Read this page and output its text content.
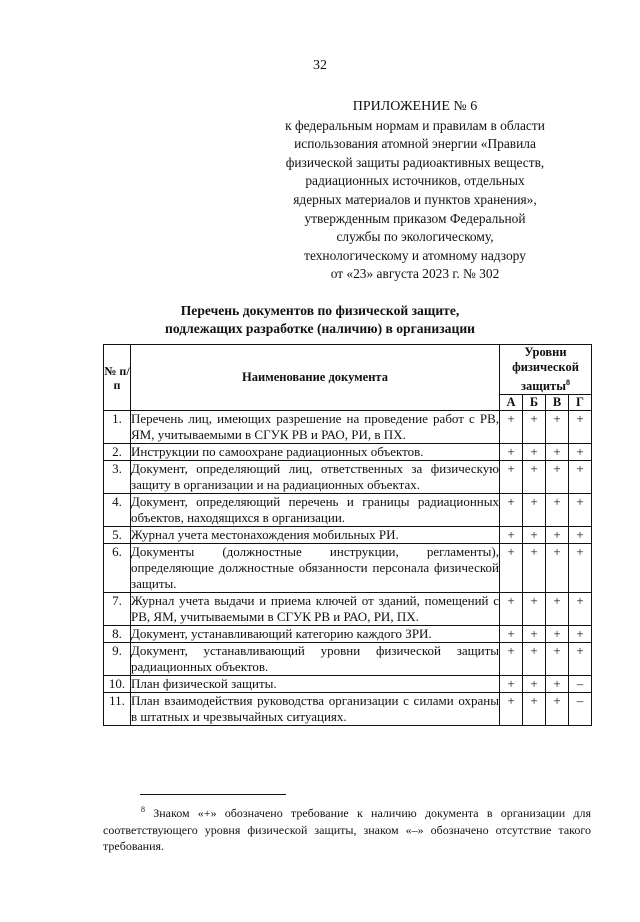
32
ПРИЛОЖЕНИЕ № 6
к федеральным нормам и правилам в области
использования атомной энергии «Правила
физической защиты радиоактивных веществ,
радиационных источников, отдельных
ядерных материалов и пунктов хранения»,
утвержденным приказом Федеральной
службы по экологическому,
технологическому и атомному надзору
от «23» августа 2023 г. № 302
Перечень документов по физической защите,
подлежащих разработке (наличию) в организации
№ п/п	Наименование документа	Уровни физической защиты$^8$
		А	Б	В	Г
1.	Перечень лиц, имеющих разрешение на проведение работ с РВ, ЯМ, учитываемыми в СГУК РВ и РАО, РИ, в ПХ.	+	+	+	+
2.	Инструкции по самоохране радиационных объектов.	+	+	+	+
3.	Документ, определяющий лиц, ответственных за физическую защиту в организации и на радиационных объектах.	+	+	+	+
4.	Документ, определяющий перечень и границы радиационных объектов, находящихся в организации.	+	+	+	+
5.	Журнал учета местонахождения мобильных РИ.	+	+	+	+
6.	Документы (должностные инструкции, регламенты), определяющие должностные обязанности персонала физической защиты.	+	+	+	+
7.	Журнал учета выдачи и приема ключей от зданий, помещений с РВ, ЯМ, учитываемыми в СГУК РВ и РАО, РИ, ПХ.	+	+	+	+
8.	Документ, устанавливающий категорию каждого ЗРИ.	+	+	+	+
9.	Документ, устанавливающий уровни физической защиты радиационных объектов.	+	+	+	+
10.	План физической защиты.	+	+	+	–
11.	План взаимодействия руководства организации с силами охраны в штатных и чрезвычайных ситуациях.	+	+	+	–
$^8$ Знаком «+» обозначено требование к наличию документа в организации для соответствующего уровня физической защиты, знаком «–» обозначено отсутствие такого требования.
